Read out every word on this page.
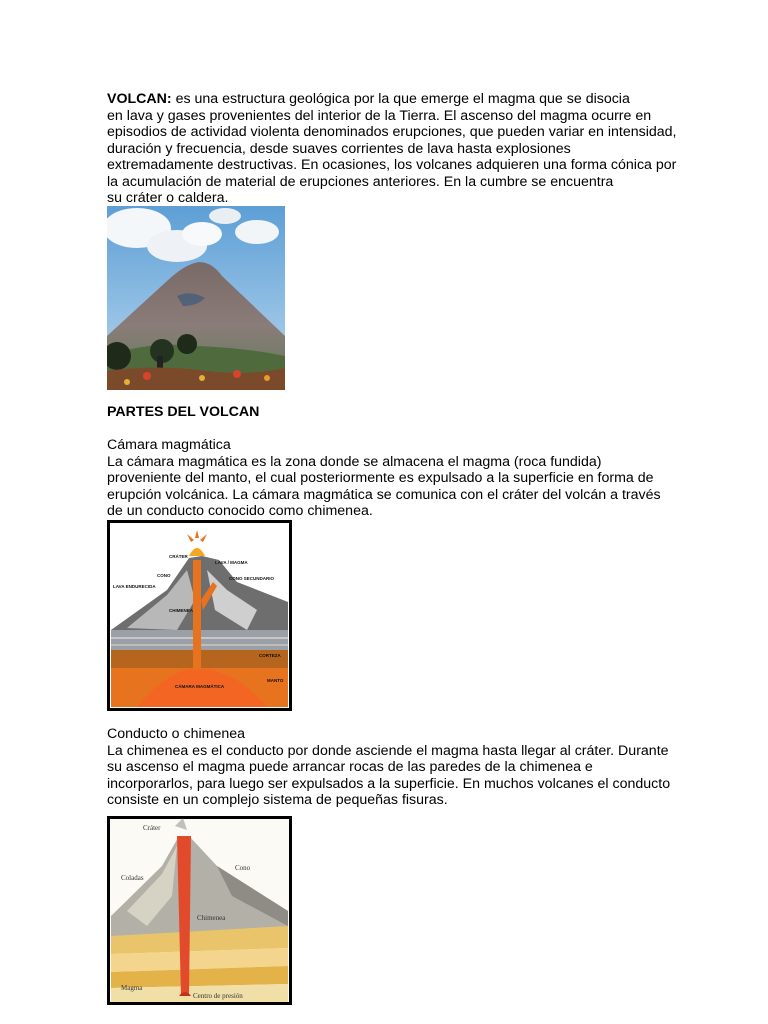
VOLCAN: es una estructura geológica por la que emerge el magma que se disocia
en lava y gases provenientes del interior de la Tierra. El ascenso del magma ocurre en
episodios de actividad violenta denominados erupciones, que pueden variar en intensidad,
duración y frecuencia, desde suaves corrientes de lava hasta explosiones
extremadamente destructivas. En ocasiones, los volcanes adquieren una forma cónica por
la acumulación de material de erupciones anteriores. En la cumbre se encuentra
su cráter o caldera.
PARTES DEL VOLCAN
Cámara magmática
La cámara magmática es la zona donde se almacena el magma (roca fundida)
proveniente del manto, el cual posteriormente es expulsado a la superficie en forma de
erupción volcánica. La cámara magmática se comunica con el cráter del volcán a través
de un conducto conocido como chimenea.
CRÁTER
LAVA / MAGMA
CONO
CONO SECUNDARIO
LAVA ENDURECIDA
CHIMENEA
CORTEZA
MANTO
CÁMARA MAGMÁTICA
Conducto o chimenea
La chimenea es el conducto por donde asciende el magma hasta llegar al cráter. Durante
su ascenso el magma puede arrancar rocas de las paredes de la chimenea e
incorporarlos, para luego ser expulsados a la superficie. En muchos volcanes el conducto
consiste en un complejo sistema de pequeñas fisuras.
Cráter
Cono
Coladas
Chimenea
Magma
Centro de presión
